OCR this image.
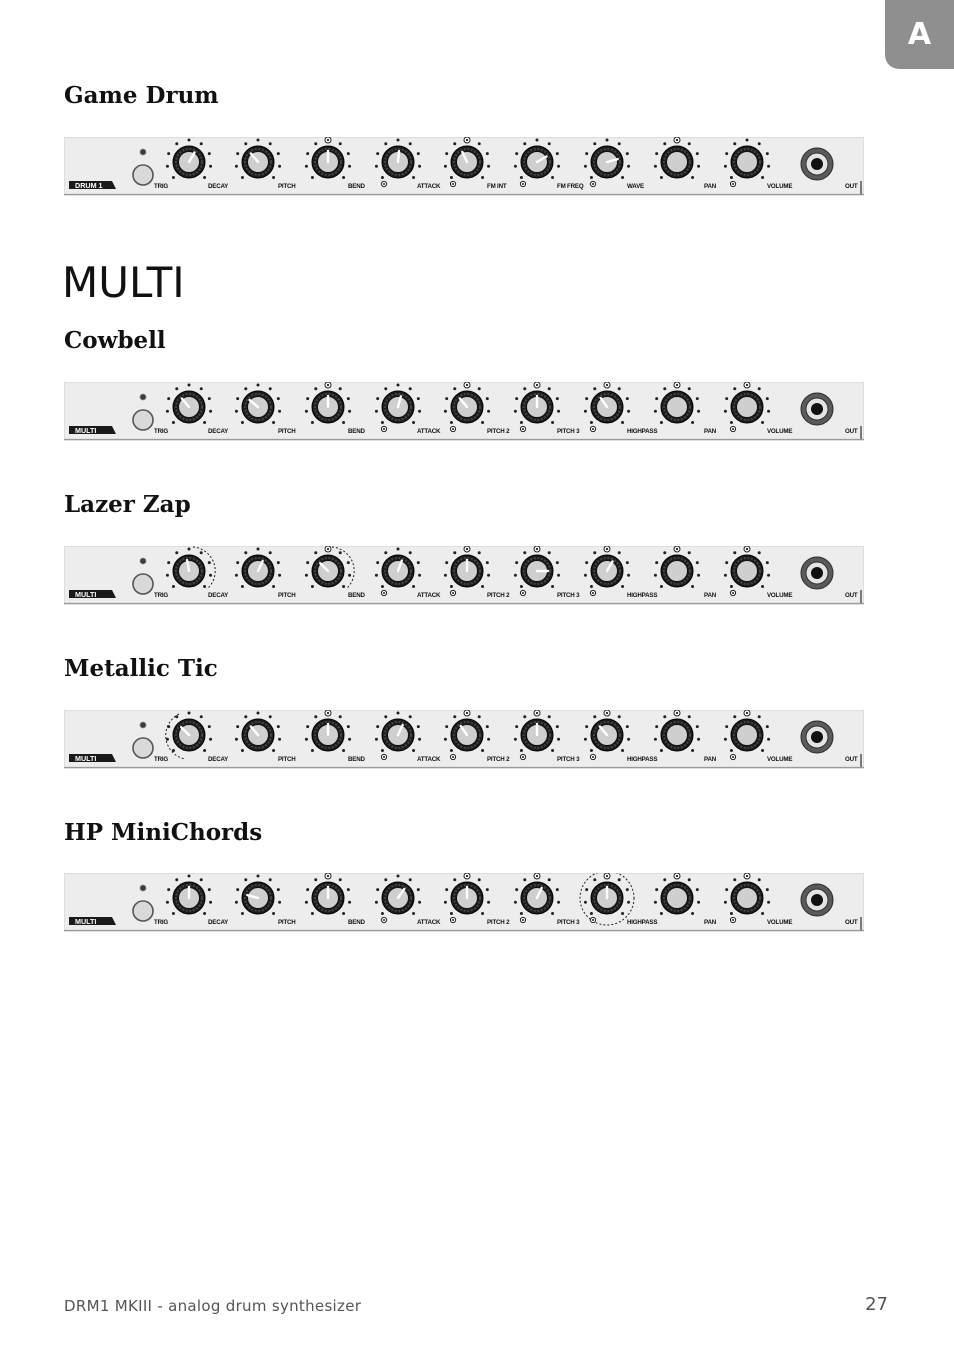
A
Game Drum
DRUM 1	TRIG	DECAY	PITCH	BEND	ATTACK	FM INT	FM FREQ	WAVE	PAN	VOLUME	OUT
MULTI
Cowbell
MULTI	TRIG	DECAY	PITCH	BEND	ATTACK	PITCH 2	PITCH 3	HIGHPASS	PAN	VOLUME	OUT
Lazer Zap
MULTI	TRIG	DECAY	PITCH	BEND	ATTACK	PITCH 2	PITCH 3	HIGHPASS	PAN	VOLUME	OUT
Metallic Tic
MULTI	TRIG	DECAY	PITCH	BEND	ATTACK	PITCH 2	PITCH 3	HIGHPASS	PAN	VOLUME	OUT
HP MiniChords
MULTI	TRIG	DECAY	PITCH	BEND	ATTACK	PITCH 2	PITCH 3	HIGHPASS	PAN	VOLUME	OUT
DRM1 MKIII - analog drum synthesizer	27
